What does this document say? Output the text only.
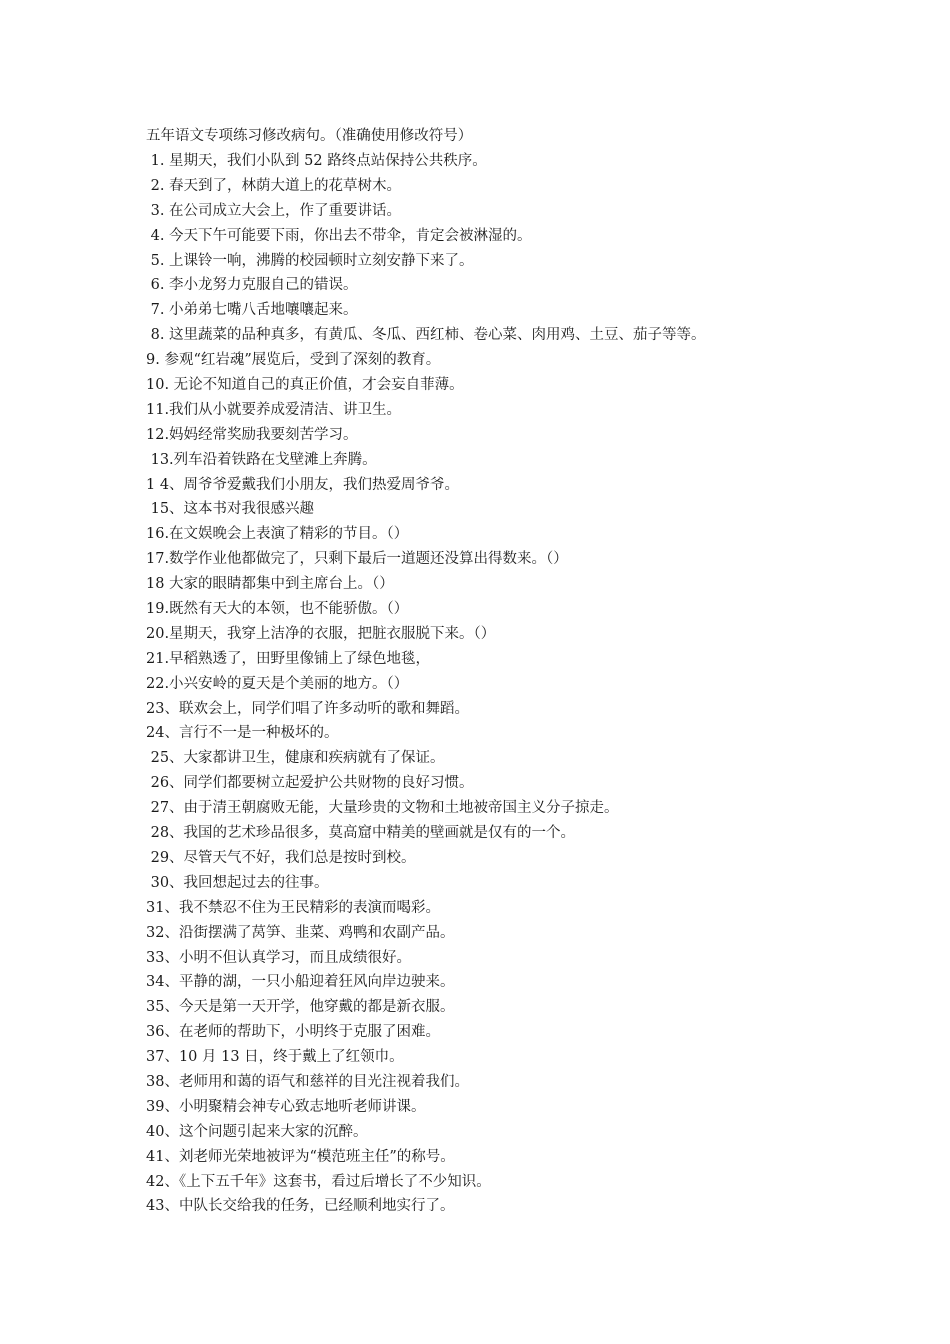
五年语文专项练习修改病句。（准确使用修改符号）
1. 星期天，我们小队到 52 路终点站保持公共秩序。
2. 春天到了，林荫大道上的花草树木。
3. 在公司成立大会上，作了重要讲话。
4. 今天下午可能要下雨，你出去不带伞，肯定会被淋湿的。
5. 上课铃一响，沸腾的校园顿时立刻安静下来了。
6. 李小龙努力克服自己的错误。
7. 小弟弟七嘴八舌地嚷嚷起来。
8. 这里蔬菜的品种真多，有黄瓜、冬瓜、西红柿、卷心菜、肉用鸡、土豆、茄子等等。
9. 参观“红岩魂”展览后，受到了深刻的教育。
10. 无论不知道自己的真正价值，才会妄自菲薄。
11.我们从小就要养成爱清洁、讲卫生。
12.妈妈经常奖励我要刻苦学习。
13.列车沿着铁路在戈壁滩上奔腾。
1 4、周爷爷爱戴我们小朋友，我们热爱周爷爷。
15、这本书对我很感兴趣
16.在文娱晚会上表演了精彩的节目。（）
17.数学作业他都做完了，只剩下最后一道题还没算出得数来。（）
18 大家的眼睛都集中到主席台上。（）
19.既然有天大的本领，也不能骄傲。（）
20.星期天，我穿上洁净的衣服，把脏衣服脱下来。（）
21.早稻熟透了，田野里像铺上了绿色地毯，
22.小兴安岭的夏天是个美丽的地方。（）
23、联欢会上，同学们唱了许多动听的歌和舞蹈。
24、言行不一是一种极坏的。
25、大家都讲卫生，健康和疾病就有了保证。
26、同学们都要树立起爱护公共财物的良好习惯。
27、由于清王朝腐败无能，大量珍贵的文物和土地被帝国主义分子掠走。
28、我国的艺术珍品很多，莫高窟中精美的壁画就是仅有的一个。
29、尽管天气不好，我们总是按时到校。
30、我回想起过去的往事。
31、我不禁忍不住为王民精彩的表演而喝彩。
32、沿街摆满了莴笋、韭菜、鸡鸭和农副产品。
33、小明不但认真学习，而且成绩很好。
34、平静的湖，一只小船迎着狂风向岸边驶来。
35、今天是第一天开学，他穿戴的都是新衣服。
36、在老师的帮助下，小明终于克服了困难。
37、10 月 13 日，终于戴上了红领巾。
38、老师用和蔼的语气和慈祥的目光注视着我们。
39、小明聚精会神专心致志地听老师讲课。
40、这个问题引起来大家的沉醉。
41、刘老师光荣地被评为“模范班主任”的称号。
42、《上下五千年》这套书，看过后增长了不少知识。
43、中队长交给我的任务，已经顺利地实行了。
